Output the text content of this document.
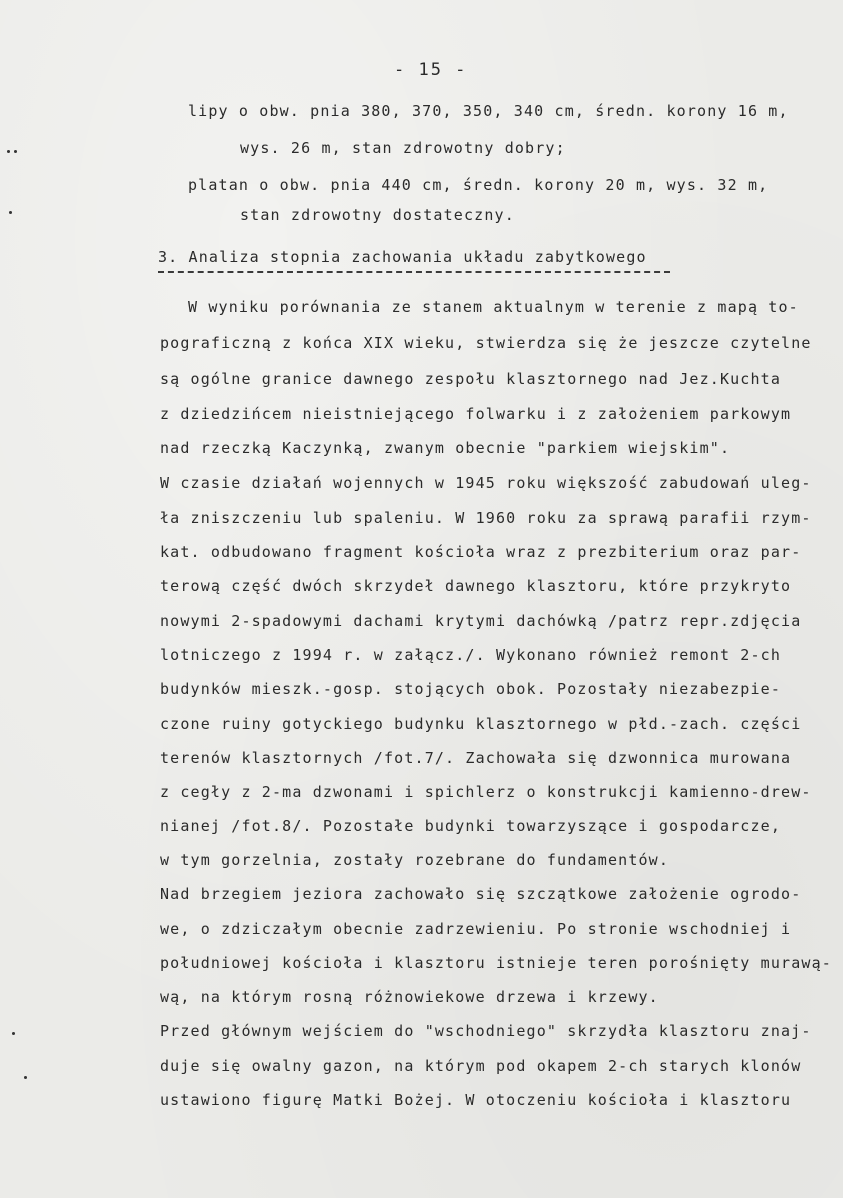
- 15 -
lipy o obw. pnia 380, 370, 350, 340 cm, średn. korony 16 m,
wys. 26 m, stan zdrowotny dobry;
platan o obw. pnia 440 cm, średn. korony 20 m, wys. 32 m,
stan zdrowotny dostateczny.
3. Analiza stopnia zachowania układu zabytkowego
W wyniku porównania ze stanem aktualnym w terenie z mapą to-
pograficzną z końca XIX wieku, stwierdza się że jeszcze czytelne
są ogólne granice dawnego zespołu klasztornego nad Jez.Kuchta
z dziedzińcem nieistniejącego folwarku i z założeniem parkowym
nad rzeczką Kaczynką, zwanym obecnie "parkiem wiejskim".
W czasie działań wojennych w 1945 roku większość zabudowań uleg-
ła zniszczeniu lub spaleniu. W 1960 roku za sprawą parafii rzym-
kat. odbudowano fragment kościoła wraz z prezbiterium oraz par-
terową część dwóch skrzydeł dawnego klasztoru, które przykryto
nowymi 2-spadowymi dachami krytymi dachówką /patrz repr.zdjęcia
lotniczego z 1994 r. w załącz./. Wykonano również remont 2-ch
budynków mieszk.-gosp. stojących obok. Pozostały niezabezpie-
czone ruiny gotyckiego budynku klasztornego w płd.-zach. części
terenów klasztornych /fot.7/. Zachowała się dzwonnica murowana
z cegły z 2-ma dzwonami i spichlerz o konstrukcji kamienno-drew-
nianej /fot.8/. Pozostałe budynki towarzyszące i gospodarcze,
w tym gorzelnia, zostały rozebrane do fundamentów.
Nad brzegiem jeziora zachowało się szczątkowe założenie ogrodo-
we, o zdziczałym obecnie zadrzewieniu. Po stronie wschodniej i
południowej kościoła i klasztoru istnieje teren porośnięty murawą-
wą, na którym rosną różnowiekowe drzewa i krzewy.
Przed głównym wejściem do "wschodniego" skrzydła klasztoru znaj-
duje się owalny gazon, na którym pod okapem 2-ch starych klonów
ustawiono figurę Matki Bożej. W otoczeniu kościoła i klasztoru
